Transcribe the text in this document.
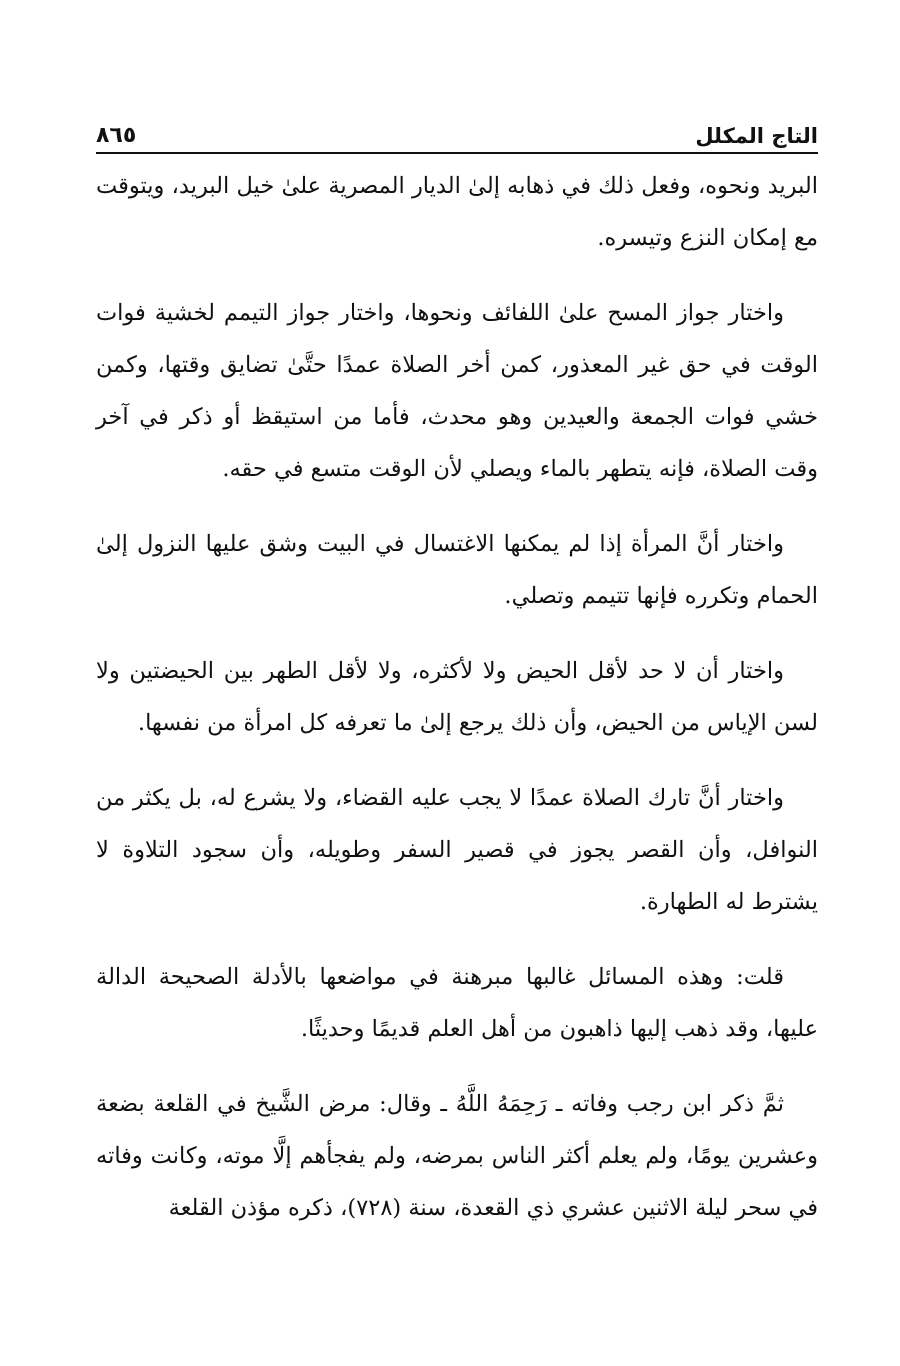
التاج المكلل
٨٦٥

البريد ونحوه، وفعل ذلك في ذهابه إلىٰ الديار المصرية علىٰ خيل البريد، ويتوقت مع إمكان النزع وتيسره.

واختار جواز المسح علىٰ اللفائف ونحوها، واختار جواز التيمم لخشية فوات الوقت في حق غير المعذور، كمن أخر الصلاة عمدًا حتَّىٰ تضايق وقتها، وكمن خشي فوات الجمعة والعيدين وهو محدث، فأما من استيقظ أو ذكر في آخر وقت الصلاة، فإنه يتطهر بالماء ويصلي لأن الوقت متسع في حقه.

واختار أنَّ المرأة إذا لم يمكنها الاغتسال في البيت وشق عليها النزول إلىٰ الحمام وتكرره فإنها تتيمم وتصلي.

واختار أن لا حد لأقل الحيض ولا لأكثره، ولا لأقل الطهر بين الحيضتين ولا لسن الإياس من الحيض، وأن ذلك يرجع إلىٰ ما تعرفه كل امرأة من نفسها.

واختار أنَّ تارك الصلاة عمدًا لا يجب عليه القضاء، ولا يشرع له، بل يكثر من النوافل، وأن القصر يجوز في قصير السفر وطويله، وأن سجود التلاوة لا يشترط له الطهارة.

قلت: وهذه المسائل غالبها مبرهنة في مواضعها بالأدلة الصحيحة الدالة عليها، وقد ذهب إليها ذاهبون من أهل العلم قديمًا وحديثًا.

ثمَّ ذكر ابن رجب وفاته ـ رَحِمَهُ اللَّهُ ـ وقال: مرض الشَّيخ في القلعة بضعة وعشرين يومًا، ولم يعلم أكثر الناس بمرضه، ولم يفجأهم إلَّا موته، وكانت وفاته في سحر ليلة الاثنين عشري ذي القعدة، سنة (٧٢٨)، ذكره مؤذن القلعة
